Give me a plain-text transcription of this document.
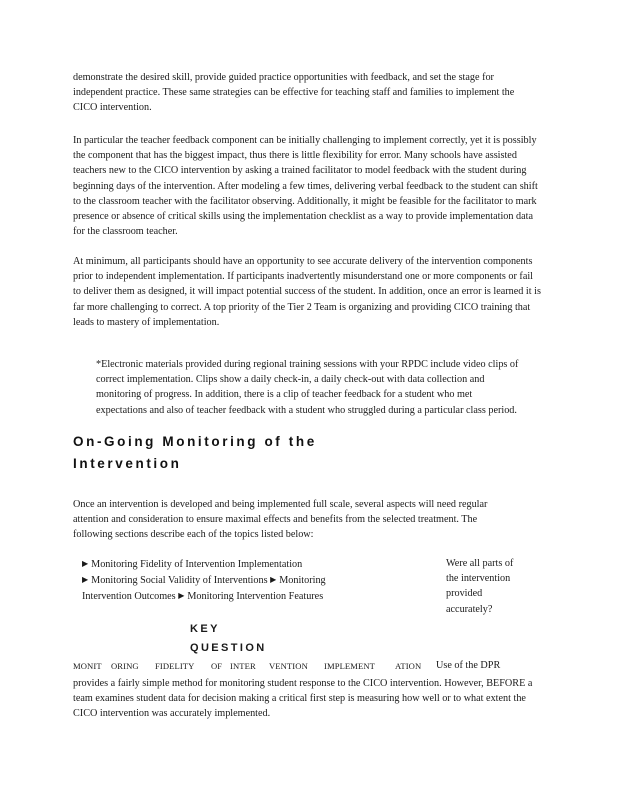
demonstrate the desired skill, provide guided practice opportunities with feedback, and set the stage for independent practice. These same strategies can be effective for teaching staff and families to implement the CICO intervention.

In particular the teacher feedback component can be initially challenging to implement correctly, yet it is possibly the component that has the biggest impact, thus there is little flexibility for error. Many schools have assisted teachers new to the CICO intervention by asking a trained facilitator to model feedback with the student during beginning days of the intervention. After modeling a few times, delivering verbal feedback to the student can shift to the classroom teacher with the facilitator observing. Additionally, it might be feasible for the facilitator to mark presence or absence of critical skills using the implementation checklist as a way to provide implementation data for the classroom teacher.

At minimum, all participants should have an opportunity to see accurate delivery of the intervention components prior to independent implementation. If participants inadvertently misunderstand one or more components or fail to deliver them as designed, it will impact potential success of the student. In addition, once an error is learned it is far more challenging to correct. A top priority of the Tier 2 Team is organizing and providing CICO training that leads to mastery of implementation.

*Electronic materials provided during regional training sessions with your RPDC include video clips of correct implementation. Clips show a daily check-in, a daily check-out with data collection and monitoring of progress. In addition, there is a clip of teacher feedback for a student who met expectations and also of teacher feedback with a student who struggled during a particular class period.

On-Going Monitoring of the
Intervention

Once an intervention is developed and being implemented full scale, several aspects will need regular attention and consideration to ensure maximal effects and benefits from the selected treatment. The following sections describe each of the topics listed below:

▶ Monitoring Fidelity of Intervention Implementation
▶ Monitoring Social Validity of Interventions ▶ Monitoring Intervention Outcomes ▶ Monitoring Intervention Features

Were all parts of the intervention provided accurately?

KEY
QUESTION
MONIT ORING FIDELITY OF INTER VENTION IMPLEMENT ATION Use of the DPR

provides a fairly simple method for monitoring student response to the CICO intervention. However, BEFORE a team examines student data for decision making a critical first step is measuring how well or to what extent the CICO intervention was accurately implemented.
